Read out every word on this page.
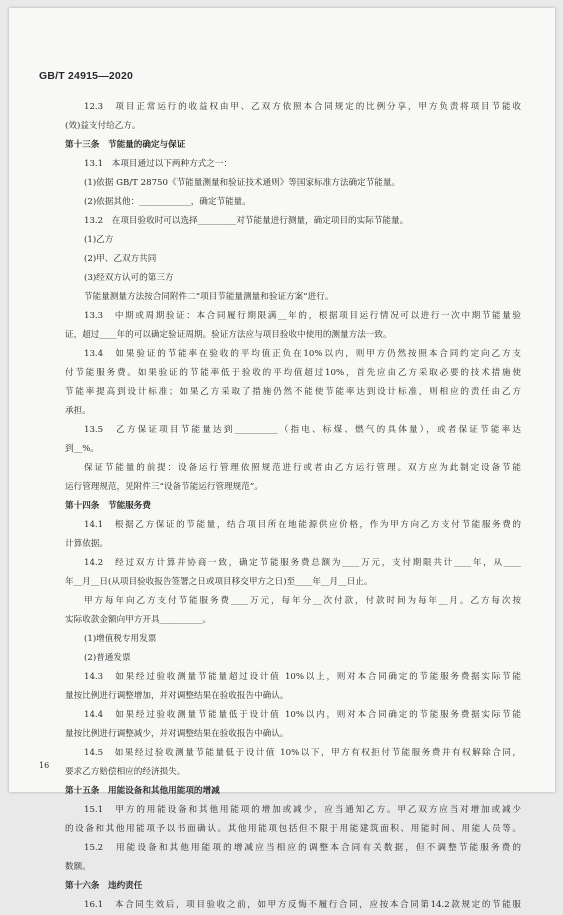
GB/T 24915—2020
12.3　项目正常运行的收益权由甲、乙双方依照本合同规定的比例分享，甲方负责将项目节能收
(效)益支付给乙方。
第十三条　节能量的确定与保证
13.1　本项目通过以下两种方式之一：
(1)依据 GB/T 28750《节能量测量和验证技术通则》等国家标准方法确定节能量。
(2)依据其他：____________，确定节能量。
13.2　在项目验收时可以选择_________对节能量进行测量，确定项目的实际节能量。
(1)乙方
(2)甲、乙双方共同
(3)经双方认可的第三方
节能量测量方法按合同附件二“项目节能量测量和验证方案”进行。
13.3　中期或周期验证：本合同履行期限满__年的，根据项目运行情况可以进行一次中期节能量验
证，超过____年的可以确定验证周期。验证方法应与项目验收中使用的测量方法一致。
13.4　如果验证的节能率在验收的平均值正负在10%以内，则甲方仍然按照本合同约定向乙方支
付节能服务费。如果验证的节能率低于验收的平均值超过10%，首先应由乙方采取必要的技术措施使
节能率提高到设计标准；如果乙方采取了措施仍然不能使节能率达到设计标准，则相应的责任由乙方
承担。
13.5　乙方保证项目节能量达到__________（指电、标煤、燃气的具体量），或者保证节能率达
到__%。
保证节能量的前提：设备运行管理依照规范进行或者由乙方运行管理。双方应为此制定设备节能
运行管理规范，见附件三“设备节能运行管理规范”。
第十四条　节能服务费
14.1　根据乙方保证的节能量，结合项目所在地能源供应价格，作为甲方向乙方支付节能服务费的
计算依据。
14.2　经过双方计算并协商一致，确定节能服务费总额为____万元，支付期限共计____年，从____
年__月__日(从项目验收报告签署之日或项目移交甲方之日)至____年__月__日止。
甲方每年向乙方支付节能服务费____万元，每年分__次付款，付款时间为每年__月。乙方每次按
实际收款金额向甲方开具__________。
(1)增值税专用发票
(2)普通发票
14.3　如果经过验收测量节能量超过设计值 10%以上，则对本合同确定的节能服务费据实际节能
量按比例进行调整增加，并对调整结果在验收报告中确认。
14.4　如果经过验收测量节能量低于设计值 10%以内，则对本合同确定的节能服务费据实际节能
量按比例进行调整减少，并对调整结果在验收报告中确认。
14.5　如果经过验收测量节能量低于设计值 10%以下，甲方有权拒付节能服务费并有权解除合同，
要求乙方赔偿相应的经济损失。
第十五条　用能设备和其他用能项的增减
15.1　甲方的用能设备和其他用能项的增加或减少，应当通知乙方。甲乙双方应当对增加或减少
的设备和其他用能项予以书面确认。其他用能项包括但不限于用能建筑面积、用能时间、用能人员等。
15.2　用能设备和其他用能项的增减应当相应的调整本合同有关数据，但不调整节能服务费的
数额。
第十六条　违约责任
16.1　本合同生效后，项目验收之前，如甲方反悔不履行合同，应按本合同第14.2款规定的节能服
16
